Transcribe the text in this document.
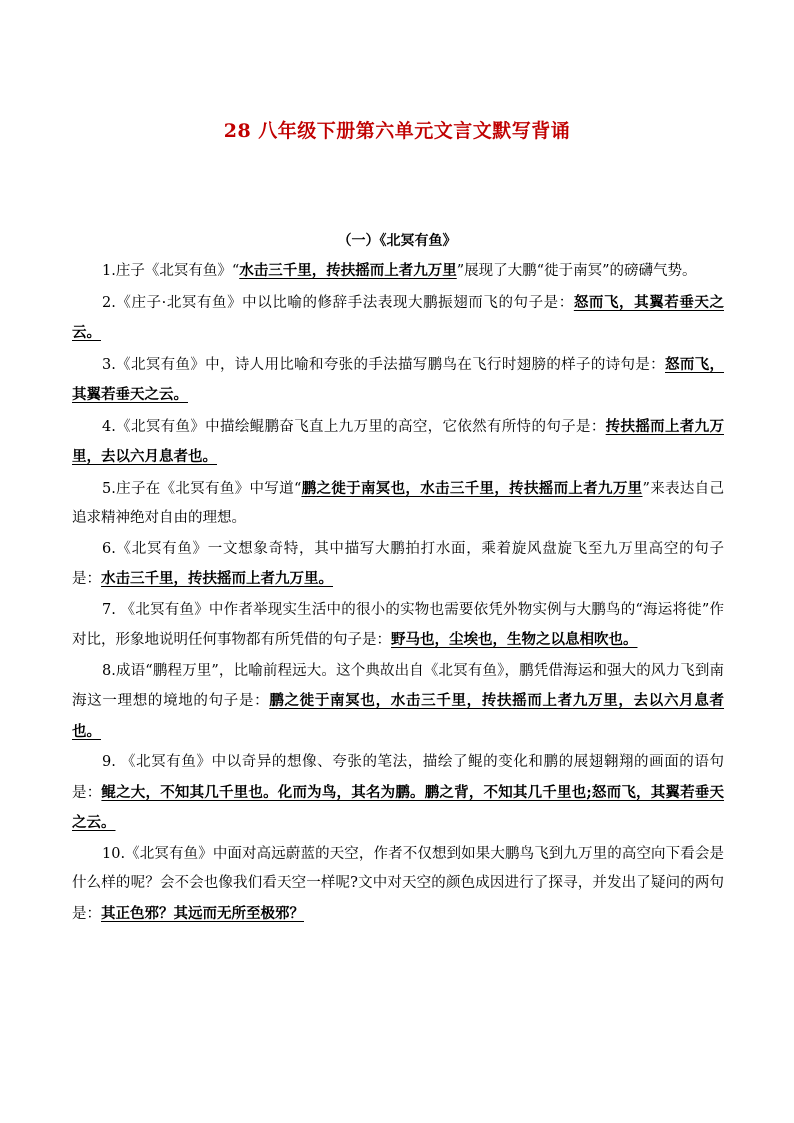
28 八年级下册第六单元文言文默写背诵
（一）《北冥有鱼》

1.庄子《北冥有鱼》“水击三千里，抟扶摇而上者九万里”展现了大鹏“徙于南冥”的磅礴气势。

2.《庄子·北冥有鱼》中以比喻的修辞手法表现大鹏振翅而飞的句子是：怒而飞，其翼若垂天之云。

3.《北冥有鱼》中，诗人用比喻和夸张的手法描写鹏鸟在飞行时翅膀的样子的诗句是：怒而飞，其翼若垂天之云。

4.《北冥有鱼》中描绘鲲鹏奋飞直上九万里的高空，它依然有所恃的句子是：抟扶摇而上者九万里，去以六月息者也。

5.庄子在《北冥有鱼》中写道“鹏之徙于南冥也，水击三千里，抟扶摇而上者九万里”来表达自己追求精神绝对自由的理想。

6.《北冥有鱼》一文想象奇特，其中描写大鹏拍打水面，乘着旋风盘旋飞至九万里高空的句子是：水击三千里，抟扶摇而上者九万里。

7. 《北冥有鱼》中作者举现实生活中的很小的实物也需要依凭外物实例与大鹏鸟的“海运将徙”作对比，形象地说明任何事物都有所凭借的句子是：野马也，尘埃也，生物之以息相吹也。

8.成语“鹏程万里”，比喻前程远大。这个典故出自《北冥有鱼》，鹏凭借海运和强大的风力飞到南海这一理想的境地的句子是：鹏之徙于南冥也，水击三千里，抟扶摇而上者九万里，去以六月息者也。

9. 《北冥有鱼》中以奇异的想像、夸张的笔法，描绘了鲲的变化和鹏的展翅翱翔的画面的语句是：鲲之大，不知其几千里也。化而为鸟，其名为鹏。鹏之背，不知其几千里也;怒而飞，其翼若垂天之云。

10.《北冥有鱼》中面对高远蔚蓝的天空，作者不仅想到如果大鹏鸟飞到九万里的高空向下看会是什么样的呢？会不会也像我们看天空一样呢?文中对天空的颜色成因进行了探寻，并发出了疑问的两句是：其正色邪？其远而无所至极邪？
